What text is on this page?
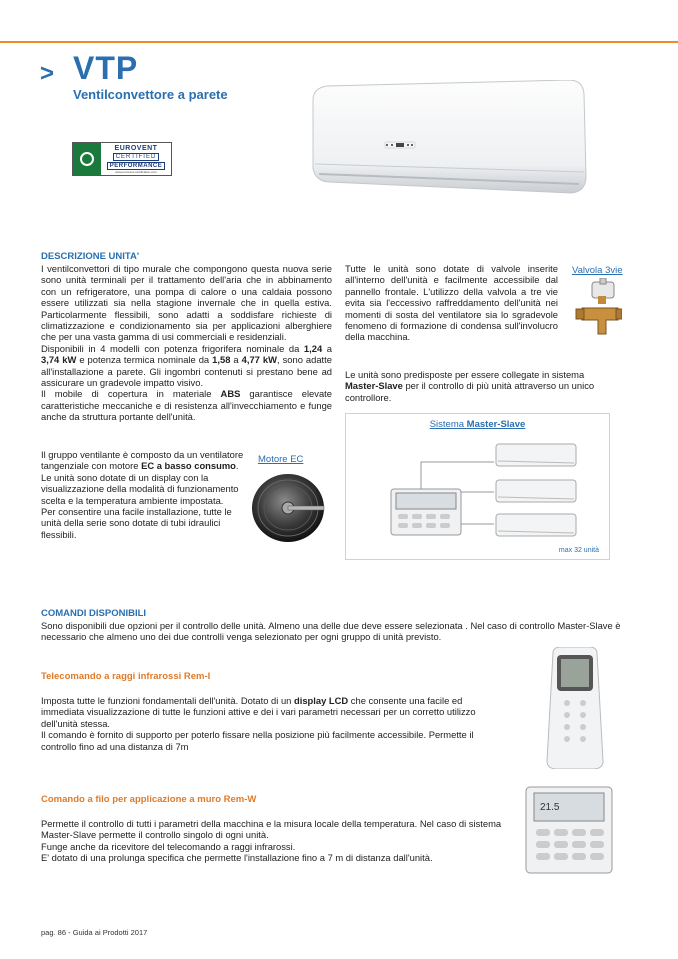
> VTP
Ventilconvettore a parete
EUROVENT
CERTIFIED
PERFORMANCE
www.eurovent-certification.com
DESCRIZIONE UNITA'
I ventilconvettori di tipo murale che compongono questa nuova serie sono unità terminali per il trattamento dell'aria che in abbinamento con un refrigeratore, una pompa di calore o una caldaia possono essere utilizzati sia nella stagione invernale che in quella estiva. Particolarmente flessibili, sono adatti a soddisfare richieste di climatizzazione e condizionamento sia per applicazioni alberghiere che per una vasta gamma di usi commerciali e residenziali.
Disponibili in 4 modelli con potenza frigorifera nominale da 1,24 a 3,74 kW e potenza termica nominale da 1,58 a 4,77 kW, sono adatte all'installazione a parete. Gli ingombri contenuti si prestano bene ad assicurare un gradevole impatto visivo.
Il mobile di copertura in materiale ABS garantisce elevate caratteristiche meccaniche e di resistenza all'invecchiamento e funge anche da struttura portante dell'unità.
Il gruppo ventilante è composto da un ventilatore tangenziale con motore EC a basso consumo.
Le unità sono dotate di un display con la visualizzazione della modalità di funzionamento scelta e la temperatura ambiente impostata.
Per consentire una facile installazione, tutte le unità della serie sono dotate di tubi idraulici flessibili.
Motore EC
Tutte le unità sono dotate di valvole inserite all'interno dell'unità e facilmente accessibile dal pannello frontale. L'utilizzo della valvola a tre vie evita sia l'eccessivo raffreddamento dell'unità nei momenti di sosta del ventilatore sia lo sgradevole fenomeno di formazione di condensa sull'involucro della macchina.
Valvola 3vie
Le unità sono predisposte per essere collegate in sistema Master-Slave per il controllo di più unità attraverso un unico controllore.
Sistema Master-Slave
max 32 unità
COMANDI DISPONIBILI
Sono disponibili due opzioni per il controllo delle unità. Almeno una delle due deve essere selezionata . Nel caso di controllo Master-Slave è necessario che almeno uno dei due controlli venga selezionato per ogni gruppo di unità previsto.
Telecomando a raggi infrarossi Rem-I
Imposta tutte le funzioni fondamentali dell'unità. Dotato di un display LCD che consente una facile ed immediata visualizzazione di tutte le funzioni attive e dei i vari parametri necessari per un corretto utilizzo dell'unità stessa.
Il comando è fornito di supporto per poterlo fissare nella posizione più facilmente accessibile. Permette il controllo fino ad una distanza di 7m
Comando a filo per applicazione a muro Rem-W
Permette il controllo di tutti i parametri della macchina e la misura locale della temperatura. Nel caso di sistema Master-Slave permette il controllo singolo di ogni unità.
Funge anche da ricevitore del telecomando a raggi infrarossi.
E' dotato di una prolunga specifica che permette l'installazione fino a 7 m di distanza dall'unità.
21.5
pag. 86 - Guida ai Prodotti 2017
